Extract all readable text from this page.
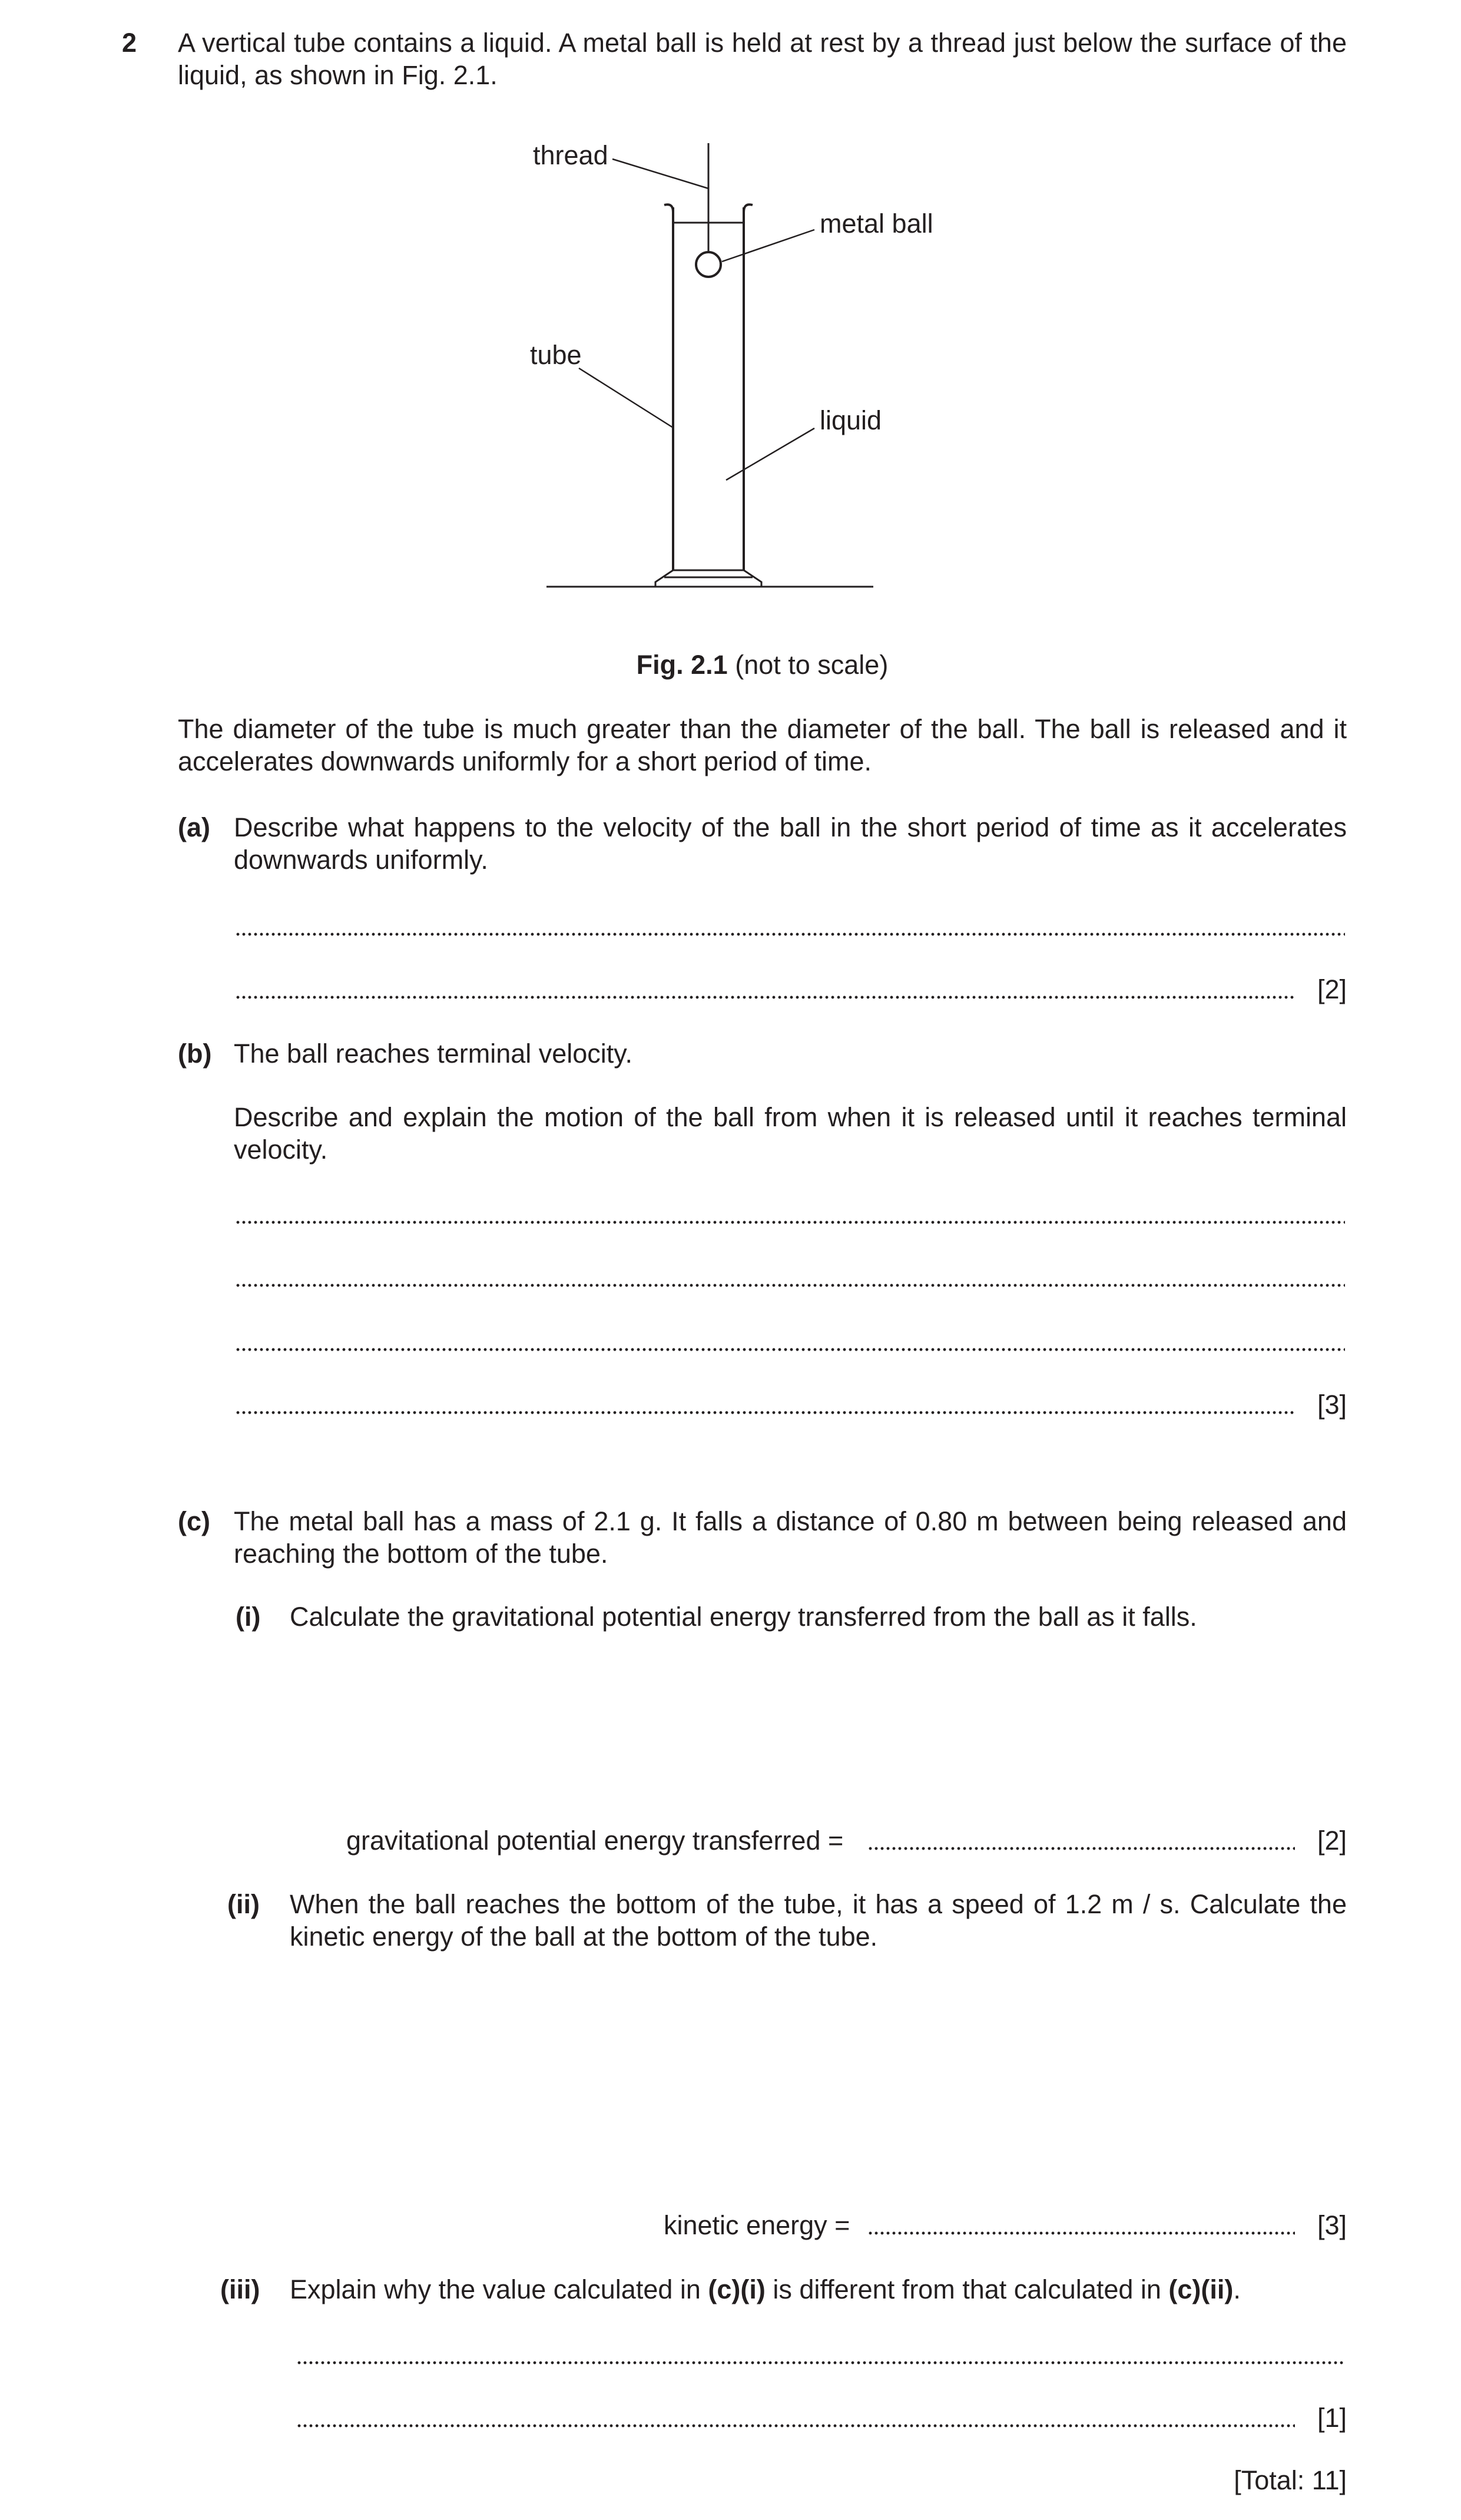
2 A vertical tube contains a liquid. A metal ball is held at rest by a thread just below the surface of the liquid, as shown in Fig. 2.1.
thread
metal ball
tube
liquid
Fig. 2.1 (not to scale)
The diameter of the tube is much greater than the diameter of the ball. The ball is released and it accelerates downwards uniformly for a short period of time.
(a) Describe what happens to the velocity of the ball in the short period of time as it accelerates downwards uniformly.
[2]
(b) The ball reaches terminal velocity.
Describe and explain the motion of the ball from when it is released until it reaches terminal velocity.
[3]
(c) The metal ball has a mass of 2.1 g. It falls a distance of 0.80 m between being released and reaching the bottom of the tube.
(i) Calculate the gravitational potential energy transferred from the ball as it falls.
gravitational potential energy transferred =	[2]
(ii) When the ball reaches the bottom of the tube, it has a speed of 1.2 m / s. Calculate the kinetic energy of the ball at the bottom of the tube.
kinetic energy =	[3]
(iii) Explain why the value calculated in (c)(i) is different from that calculated in (c)(ii).
[1]
[Total: 11]
